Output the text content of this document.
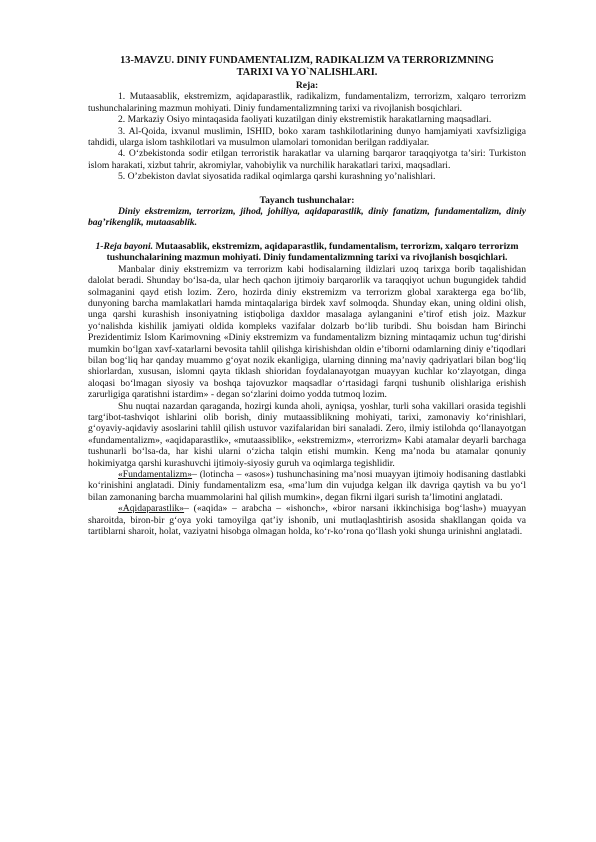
13-MAVZU. DINIY FUNDAMENTALIZM, RADIKALIZM VA TERRORIZMNING
TARIXI VA YO`NALISHLARI.
Reja:

1. Mutaasablik, ekstremizm, aqidaparastlik, radikalizm, fundamentalizm, terrorizm, xalqaro terrorizm tushunchalarining mazmun mohiyati. Diniy fundamentalizmning tarixi va rivojlanish bosqichlari.

2. Markaziy Osiyo mintaqasida faoliyati kuzatilgan diniy ekstremistik harakatlarning maqsadlari.

3. Al-Qoida, ixvanul muslimin, ISHID, boko xaram tashkilotlarining dunyo hamjamiyati xavfsizligiga tahdidi, ularga islom tashkilotlari va musulmon ulamolari tomonidan berilgan raddiyalar.

4. O‘zbekistonda sodir etilgan terroristik harakatlar va ularning barqaror taraqqiyotga ta’siri: Turkiston islom harakati, xizbut tahrir, akromiylar, vahobiylik va nurchilik harakatlari tarixi, maqsadlari.

5. O’zbekiston davlat siyosatida radikal oqimlarga qarshi kurashning yo’nalishlari.

Tayanch tushunchalar:

Diniy ekstremizm, terrorizm, jihod, johiliya, aqidaparastlik, diniy fanatizm, fundamentalizm, diniy bag’rikenglik, mutaasablik.

1-Reja bayoni. Mutaasablik, ekstremizm, aqidaparastlik, fundamentalism, terrorizm, xalqaro terrorizm tushunchalarining mazmun mohiyati. Diniy fundamentalizmning tarixi va rivojlanish bosqichlari.

Manbalar diniy ekstremizm va terrorizm kabi hodisalarning ildizlari uzoq tarixga borib taqalishidan dalolat beradi. Shunday bo‘lsa-da, ular hech qachon ijtimoiy barqarorlik va taraqqiyot uchun bugungidek tahdid solmaganini qayd etish lozim. Zero, hozirda diniy ekstremizm va terrorizm global xarakterga ega bo‘lib, dunyoning barcha mamlakatlari hamda mintaqalariga birdek xavf solmoqda. Shunday ekan, uning oldini olish, unga qarshi kurashish insoniyatning istiqboliga daxldor masalaga aylanganini e’tirof etish joiz. Mazkur yo‘nalishda kishilik jamiyati oldida kompleks vazifalar dolzarb bo‘lib turibdi. Shu boisdan ham Birinchi Prezidentimiz Islom Karimovning «Diniy ekstremizm va fundamentalizm bizning mintaqamiz uchun tug‘dirishi mumkin bo‘lgan xavf-xatarlarni bevosita tahlil qilishga kirishishdan oldin e’tiborni odamlarning diniy e’tiqodlari bilan bog‘liq har qanday muammo g‘oyat nozik ekanligiga, ularning dinning ma’naviy qadriyatlari bilan bog‘liq shiorlardan, xususan, islomni qayta tiklash shioridan foydalanayotgan muayyan kuchlar ko‘zlayotgan, dinga aloqasi bo‘lmagan siyosiy va boshqa tajovuzkor maqsadlar o‘rtasidagi farqni tushunib olishlariga erishish zarurligiga qaratishni istardim» - degan so‘zlarini doimo yodda tutmoq lozim.

Shu nuqtai nazardan qaraganda, hozirgi kunda aholi, ayniqsa, yoshlar, turli soha vakillari orasida tegishli targ‘ibot-tashviqot ishlarini olib borish, diniy mutaassiblikning mohiyati, tarixi, zamonaviy ko‘rinishlari, g‘oyaviy-aqidaviy asoslarini tahlil qilish ustuvor vazifalaridan biri sanaladi. Zero, ilmiy istilohda qo‘llanayotgan «fundamentalizm», «aqidaparastlik», «mutaassiblik», «ekstremizm», «terrorizm» Kabi atamalar deyarli barchaga tushunarli bo‘lsa-da, har kishi ularni o‘zicha talqin etishi mumkin. Keng ma’noda bu atamalar qonuniy hokimiyatga qarshi kurashuvchi ijtimoiy-siyosiy guruh va oqimlarga tegishlidir.

«Fundamentalizm»– (lotincha – «asos») tushunchasining ma’nosi muayyan ijtimoiy hodisaning dastlabki ko‘rinishini anglatadi. Diniy fundamentalizm esa, «ma’lum din vujudga kelgan ilk davriga qaytish va bu yo‘l bilan zamonaning barcha muammolarini hal qilish mumkin», degan fikrni ilgari surish ta’limotini anglatadi.

«Aqidaparastlik»– («aqida» – arabcha – «ishonch», «biror narsani ikkinchisiga bog‘lash») muayyan sharoitda, biron-bir g‘oya yoki tamoyilga qat’iy ishonib, uni mutlaqlashtirish asosida shakllangan qoida va tartiblarni sharoit, holat, vaziyatni hisobga olmagan holda, ko‘r-ko‘rona qo‘llash yoki shunga urinishni anglatadi.
